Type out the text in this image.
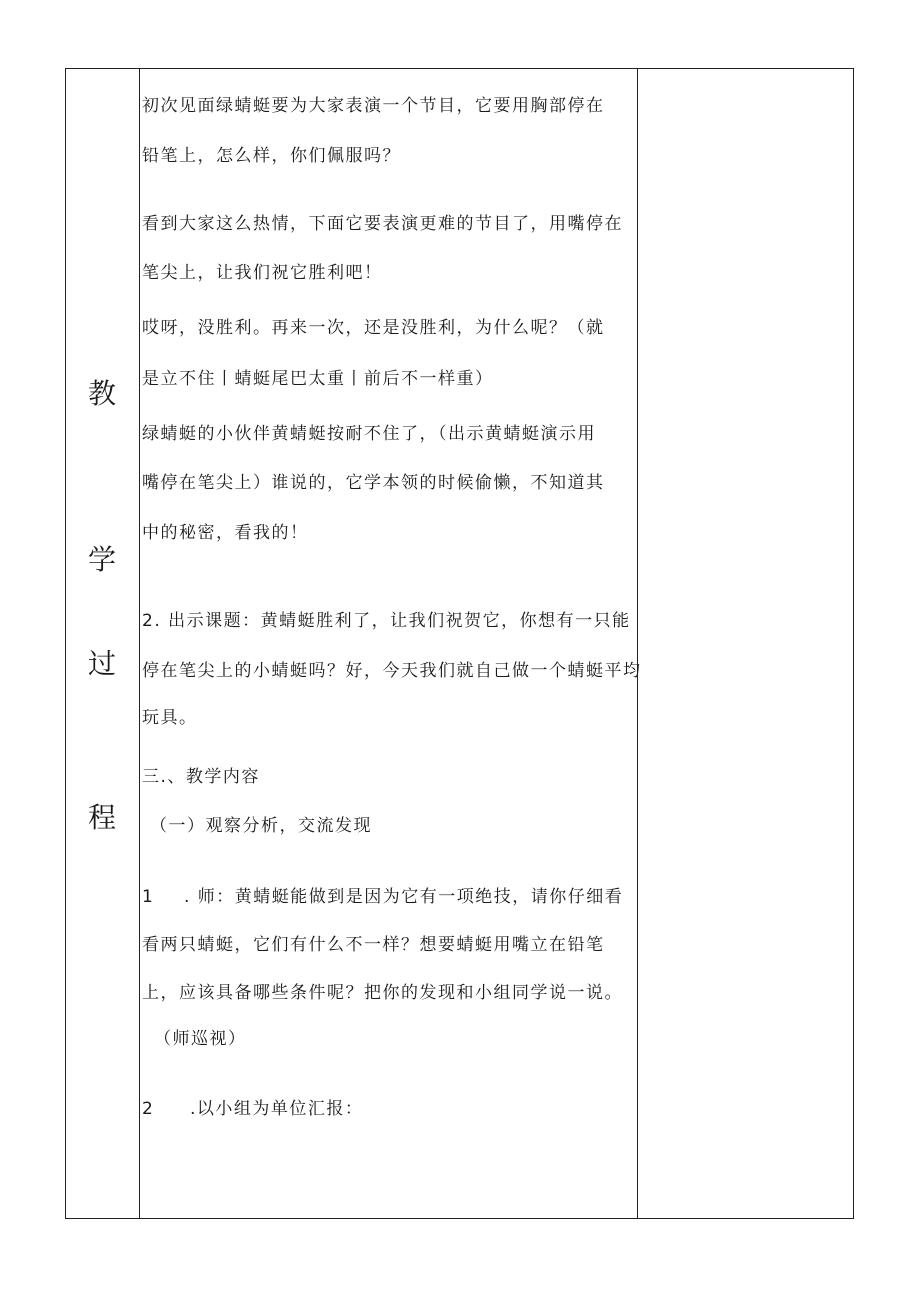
教
学
过
程
初次见面绿蜻蜓要为大家表演一个节目，它要用胸部停在
铅笔上，怎么样，你们佩服吗？
看到大家这么热情，下面它要表演更难的节目了，用嘴停在
笔尖上，让我们祝它胜利吧！
哎呀，没胜利。再来一次，还是没胜利，为什么呢？（就
是立不住丨蜻蜓尾巴太重丨前后不一样重）
绿蜻蜓的小伙伴黄蜻蜓按耐不住了，（出示黄蜻蜓演示用
嘴停在笔尖上）谁说的，它学本领的时候偷懒，不知道其
中的秘密，看我的！
2. 出示课题：黄蜻蜓胜利了，让我们祝贺它，你想有一只能
停在笔尖上的小蜻蜓吗？好，今天我们就自己做一个蜻蜓平均
玩具。
三.、教学内容
（一）观察分析，交流发现
1 . 师：黄蜻蜓能做到是因为它有一项绝技，请你仔细看
看两只蜻蜓，它们有什么不一样？想要蜻蜓用嘴立在铅笔
上，应该具备哪些条件呢？把你的发现和小组同学说一说。
（师巡视）
2 .以小组为单位汇报：
